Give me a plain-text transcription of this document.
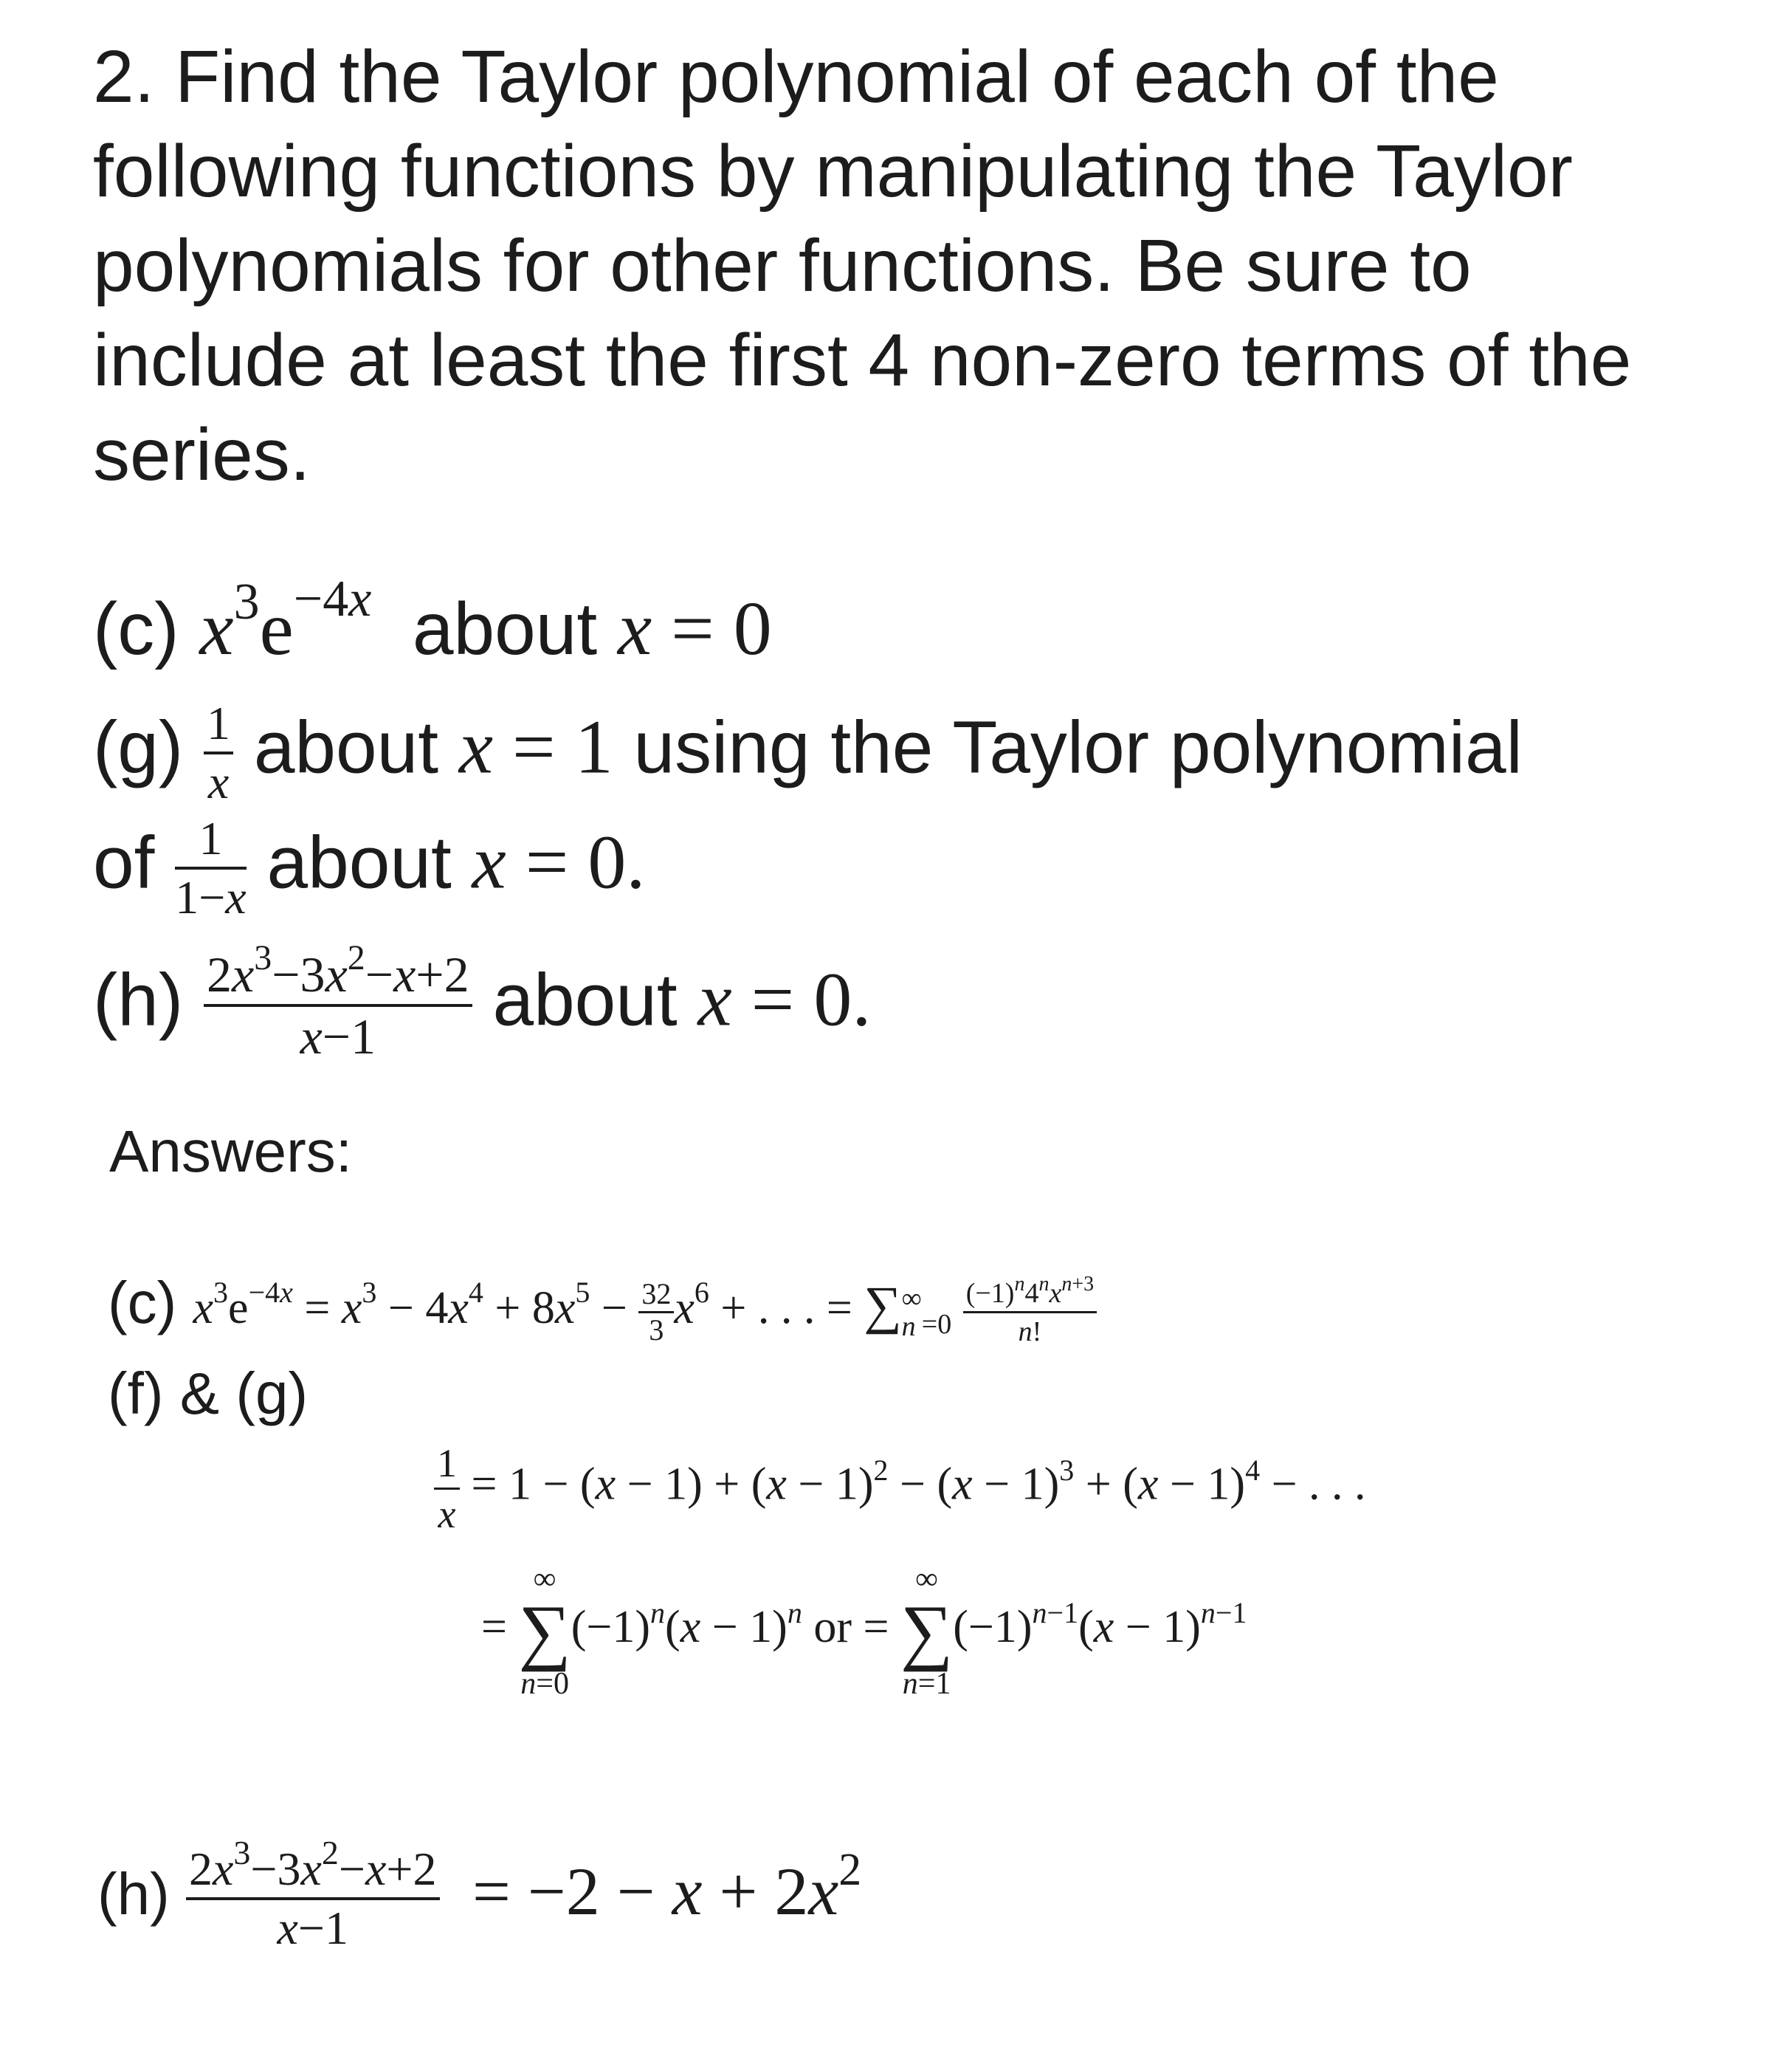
2. Find the Taylor polynomial of each of the following functions by manipulating the Taylor polynomials for other functions. Be sure to include at least the first 4 non-zero terms of the series.
(c) $x^3e^{-4x}$ about x = 0
$(g) \frac{1}{x}$ about x = 1 using the Taylor polynomial
of $\frac{1}{1-x}$ about x = 0.
$(h) \frac{2x^3-3x^2-x+2}{x-1}$ about x = 0.
Answers:
(c) $x^3e^{-4x} = x^3 - 4x^4 + 8x^5 - \frac{32}{3} x^6$ + . . . = ∑ ∞
n $_{=0} \frac{(-1)^n4^nx^{n+3}}{n!}$
(f) & (g)
$\frac{1}{x} = 1 - (x - 1) + (x - 1)^2 - (x - 1)^3 + (x - 1)^4$ − . . .
=
∞
∑
n=0
$(-1)^n(x - 1)^n$ or =
∞
∑
n=1
$(-1)^{n-1}(x - 1)^{n-1}$
$(h) \frac{2x^3-3x^2-x+2}{x-1} = -2 - x + 2x^2$
